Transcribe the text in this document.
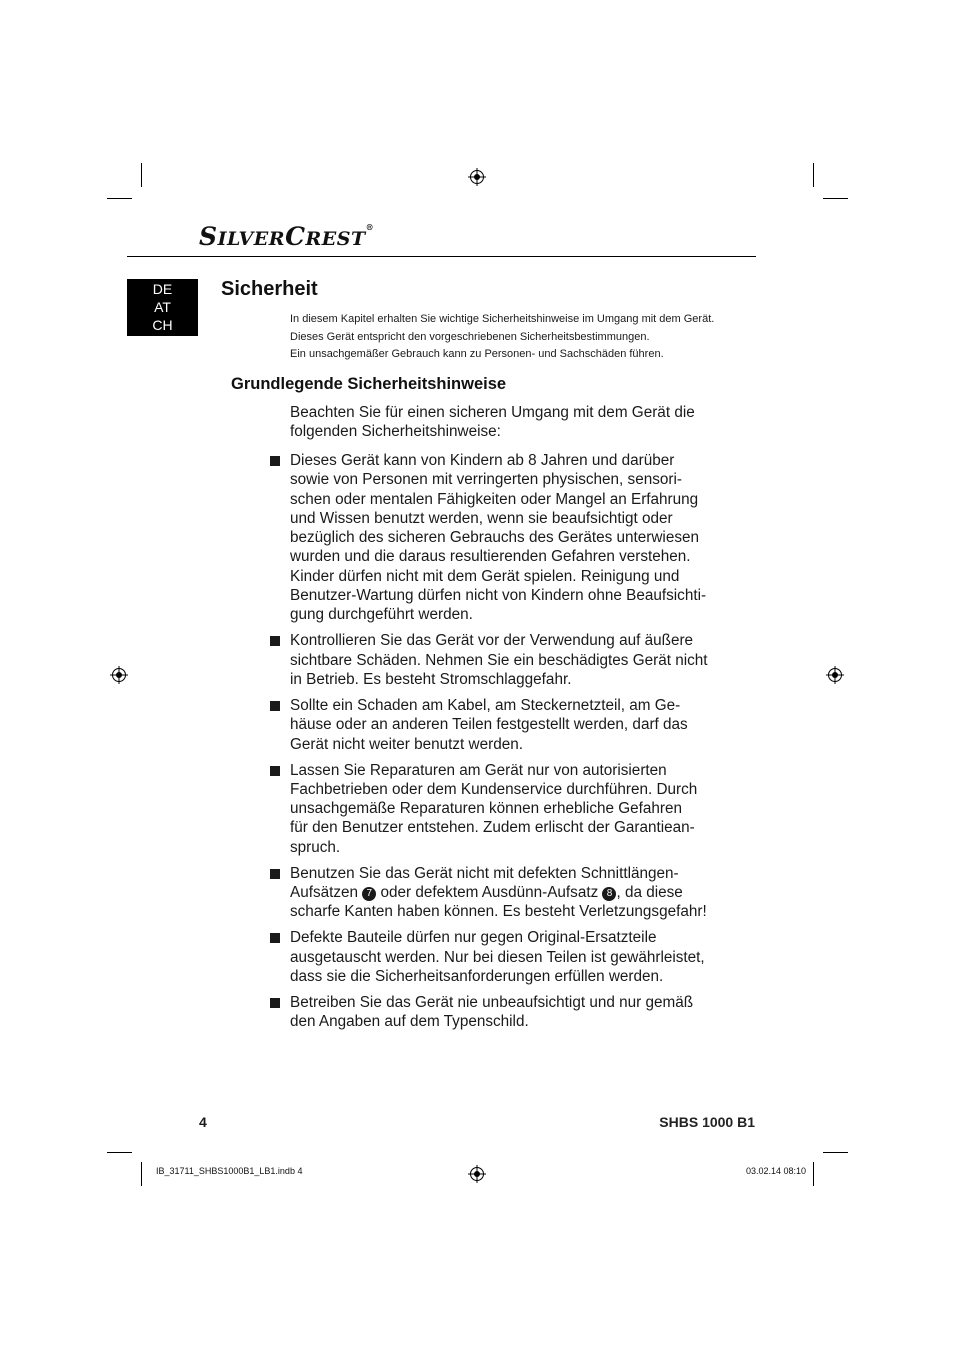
SILVERCREST®
DE
AT
CH
Sicherheit
In diesem Kapitel erhalten Sie wichtige Sicherheitshinweise im Umgang mit dem Gerät.
Dieses Gerät entspricht den vorgeschriebenen Sicherheitsbestimmungen.
Ein unsachgemäßer Gebrauch kann zu Personen- und Sachschäden führen.
Grundlegende Sicherheitshinweise
Beachten Sie für einen sicheren Umgang mit dem Gerät die
folgenden Sicherheitshinweise:
Dieses Gerät kann von Kindern ab 8 Jahren und darüber
sowie von Personen mit verringerten physischen, sensori-
schen oder mentalen Fähigkeiten oder Mangel an Erfahrung
und Wissen benutzt werden, wenn sie beaufsichtigt oder
bezüglich des sicheren Gebrauchs des Gerätes unterwiesen
wurden und die daraus resultierenden Gefahren verstehen.
Kinder dürfen nicht mit dem Gerät spielen. Reinigung und
Benutzer-Wartung dürfen nicht von Kindern ohne Beaufsichti-
gung durchgeführt werden.
Kontrollieren Sie das Gerät vor der Verwendung auf äußere
sichtbare Schäden. Nehmen Sie ein beschädigtes Gerät nicht
in Betrieb. Es besteht Stromschlaggefahr.
Sollte ein Schaden am Kabel, am Steckernetzteil, am Ge-
häuse oder an anderen Teilen festgestellt werden, darf das
Gerät nicht weiter benutzt werden.
Lassen Sie Reparaturen am Gerät nur von autorisierten
Fachbetrieben oder dem Kundenservice durchführen. Durch
unsachgemäße Reparaturen können erhebliche Gefahren
für den Benutzer entstehen. Zudem erlischt der Garantiean-
spruch.
Benutzen Sie das Gerät nicht mit defekten Schnittlängen-
Aufsätzen 7 oder defektem Ausdünn-Aufsatz 8 , da diese
scharfe Kanten haben können. Es besteht Verletzungsgefahr!
Defekte Bauteile dürfen nur gegen Original-Ersatzteile
ausgetauscht werden. Nur bei diesen Teilen ist gewährleistet,
dass sie die Sicherheitsanforderungen erfüllen werden.
Betreiben Sie das Gerät nie unbeaufsichtigt und nur gemäß
den Angaben auf dem Typenschild.
4	SHBS 1000 B1
IB_31711_SHBS1000B1_LB1.indb 4	03.02.14 08:10
